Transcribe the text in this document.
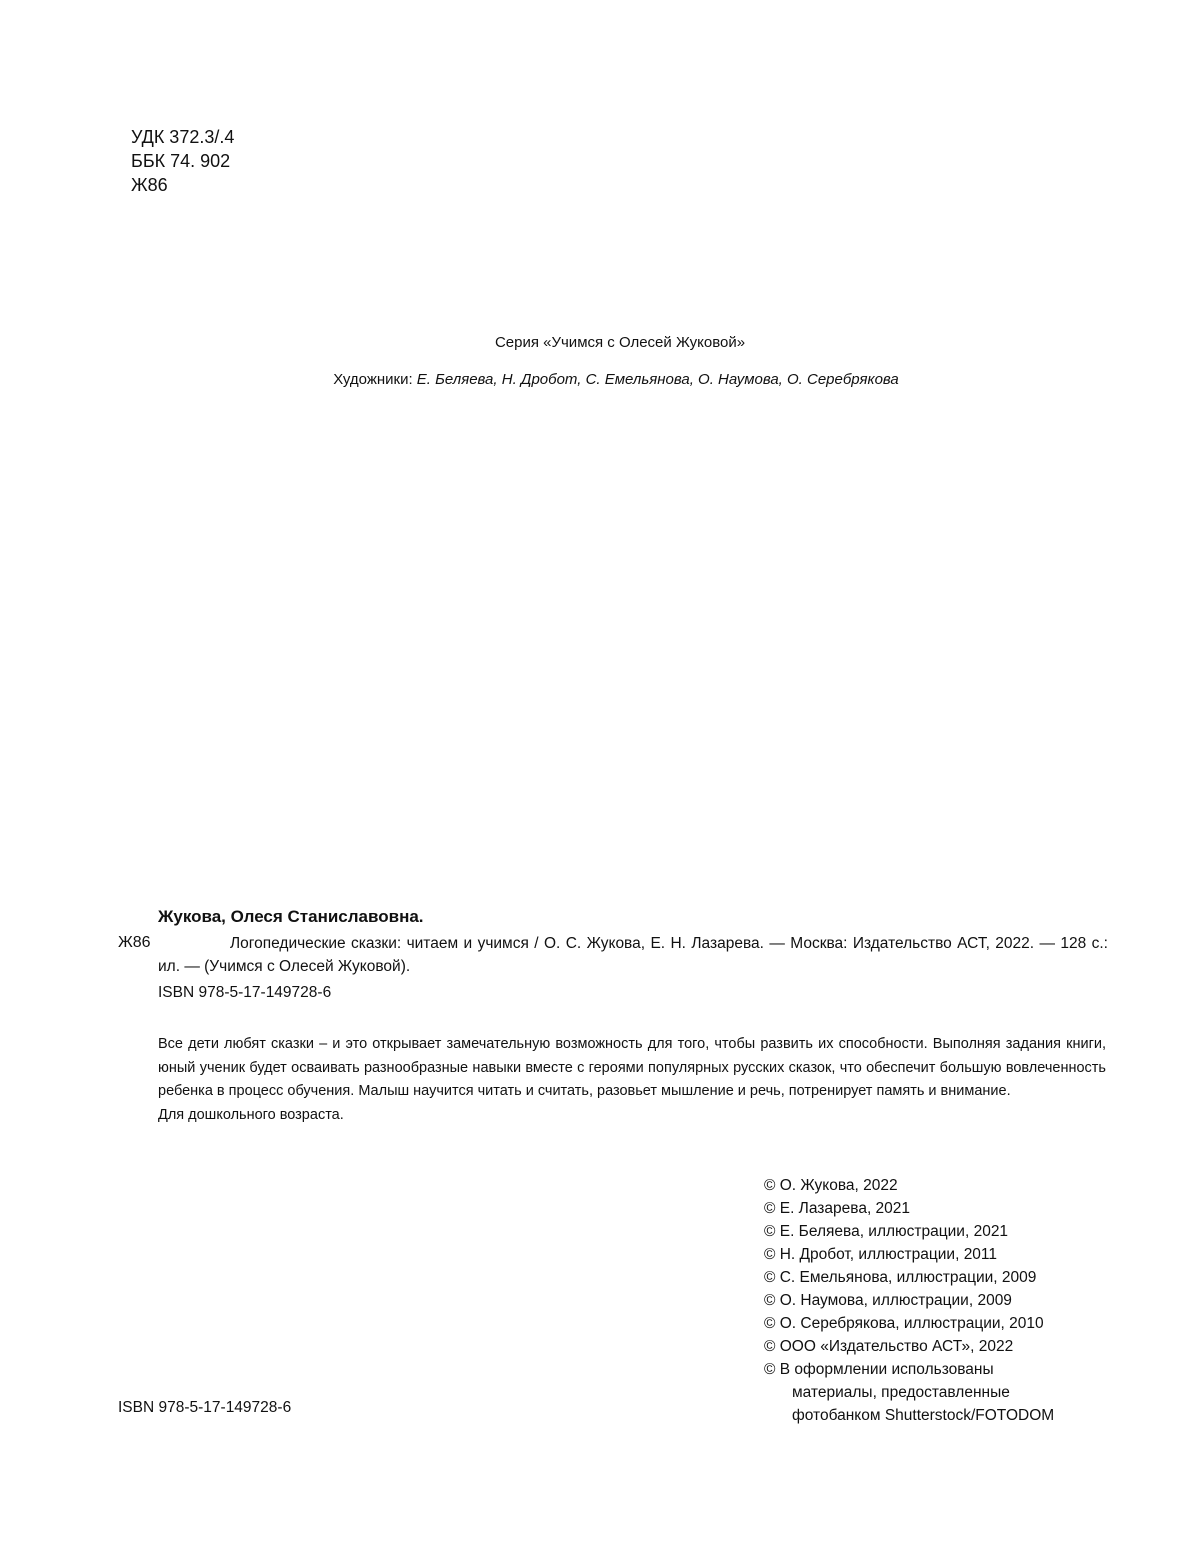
УДК 372.3/.4
ББК 74. 902
Ж86
Серия «Учимся с Олесей Жуковой»
Художники: Е. Беляева, Н. Дробот, С. Емельянова, О. Наумова, О. Серебрякова
Жукова, Олеся Станиславовна.
Ж86	Логопедические сказки: читаем и учимся / О. С. Жукова, Е. Н. Лазарева. — Москва: Издательство АСТ, 2022. — 128 с.: ил. — (Учимся с Олесей Жуковой).
ISBN 978-5-17-149728-6

Все дети любят сказки – и это открывает замечательную возможность для того, чтобы развить их способности. Выполняя задания книги, юный ученик будет осваивать разнообразные навыки вместе с героями популярных русских сказок, что обеспечит большую вовлеченность ребенка в процесс обучения. Малыш научится читать и считать, разовьет мышление и речь, потренирует память и внимание.

Для дошкольного возраста.

© О. Жукова, 2022
© Е. Лазарева, 2021
© Е. Беляева, иллюстрации, 2021
© Н. Дробот, иллюстрации, 2011
© С. Емельянова, иллюстрации, 2009
© О. Наумова, иллюстрации, 2009
© О. Серебрякова, иллюстрации, 2010
© ООО «Издательство АСТ», 2022
© В оформлении использованы
материалы, предоставленные
фотобанком Shutterstock/FOTODOM
ISBN 978-5-17-149728-6
